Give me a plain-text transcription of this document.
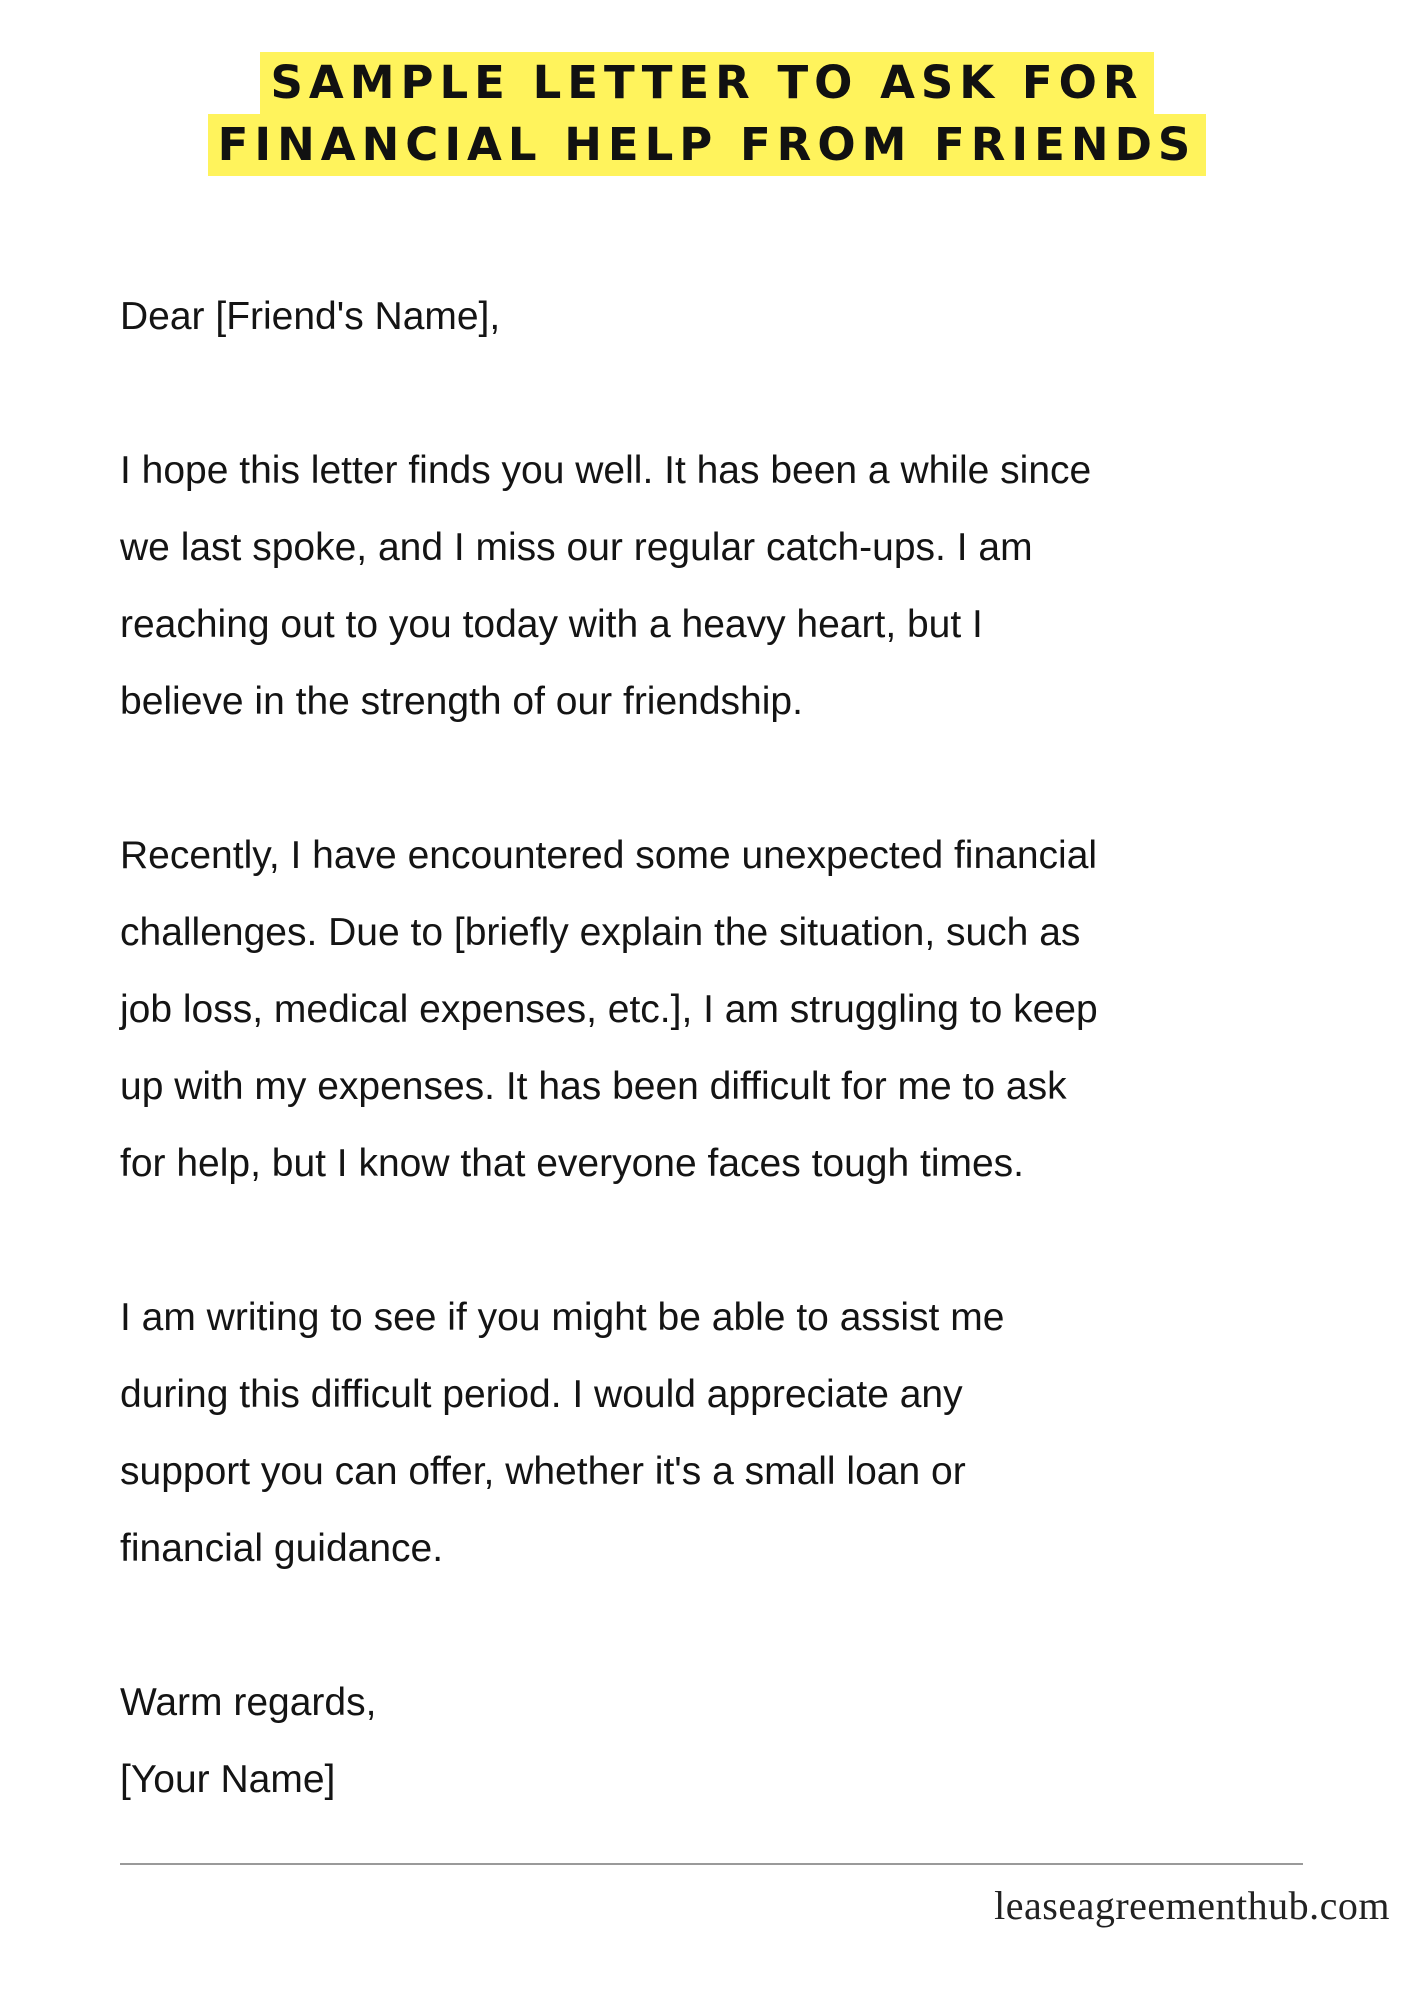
SAMPLE LETTER TO ASK FOR
FINANCIAL HELP FROM FRIENDS

Dear [Friend's Name],

I hope this letter finds you well. It has been a while since
we last spoke, and I miss our regular catch-ups. I am
reaching out to you today with a heavy heart, but I
believe in the strength of our friendship.

Recently, I have encountered some unexpected financial
challenges. Due to [briefly explain the situation, such as
job loss, medical expenses, etc.], I am struggling to keep
up with my expenses. It has been difficult for me to ask
for help, but I know that everyone faces tough times.

I am writing to see if you might be able to assist me
during this difficult period. I would appreciate any
support you can offer, whether it's a small loan or
financial guidance.

Warm regards,

[Your Name]

leaseagreementhub.com
